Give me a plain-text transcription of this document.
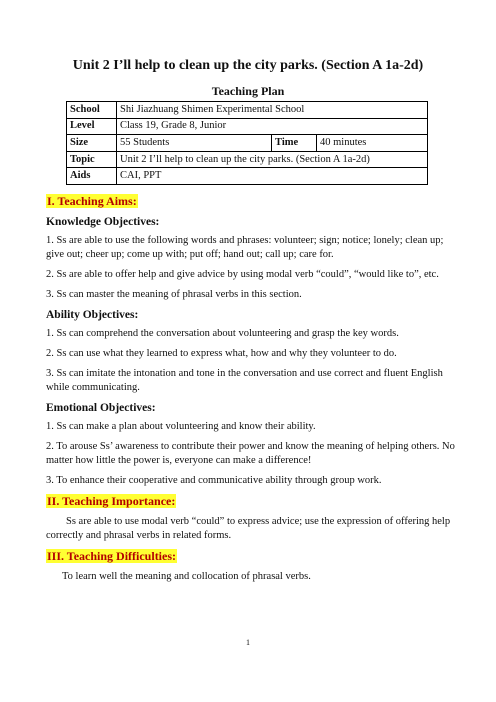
Unit 2 I’ll help to clean up the city parks. (Section A 1a-2d)
Teaching Plan
School	Shi Jiazhuang Shimen Experimental School		
Level	Class 19, Grade 8, Junior		
Size	55 Students	Time	40 minutes
Topic	Unit 2 I’ll help to clean up the city parks. (Section A 1a-2d)		
Aids	CAI, PPT		
I. Teaching Aims:
Knowledge Objectives:
1. Ss are able to use the following words and phrases: volunteer; sign; notice; lonely; clean up; give out; cheer up; come up with; put off; hand out; call up; care for.
2. Ss are able to offer help and give advice by using modal verb “could”, “would like to”, etc.
3. Ss can master the meaning of phrasal verbs in this section.
Ability Objectives:
1. Ss can comprehend the conversation about volunteering and grasp the key words.
2. Ss can use what they learned to express what, how and why they volunteer to do.
3. Ss can imitate the intonation and tone in the conversation and use correct and fluent English while communicating.
Emotional Objectives:
1. Ss can make a plan about volunteering and know their ability.
2. To arouse Ss’ awareness to contribute their power and know the meaning of helping others. No matter how little the power is, everyone can make a difference!
3. To enhance their cooperative and communicative ability through group work.
II. Teaching Importance:
Ss are able to use modal verb “could” to express advice; use the expression of offering help correctly and phrasal verbs in related forms.
III. Teaching Difficulties:
To learn well the meaning and collocation of phrasal verbs.
1
